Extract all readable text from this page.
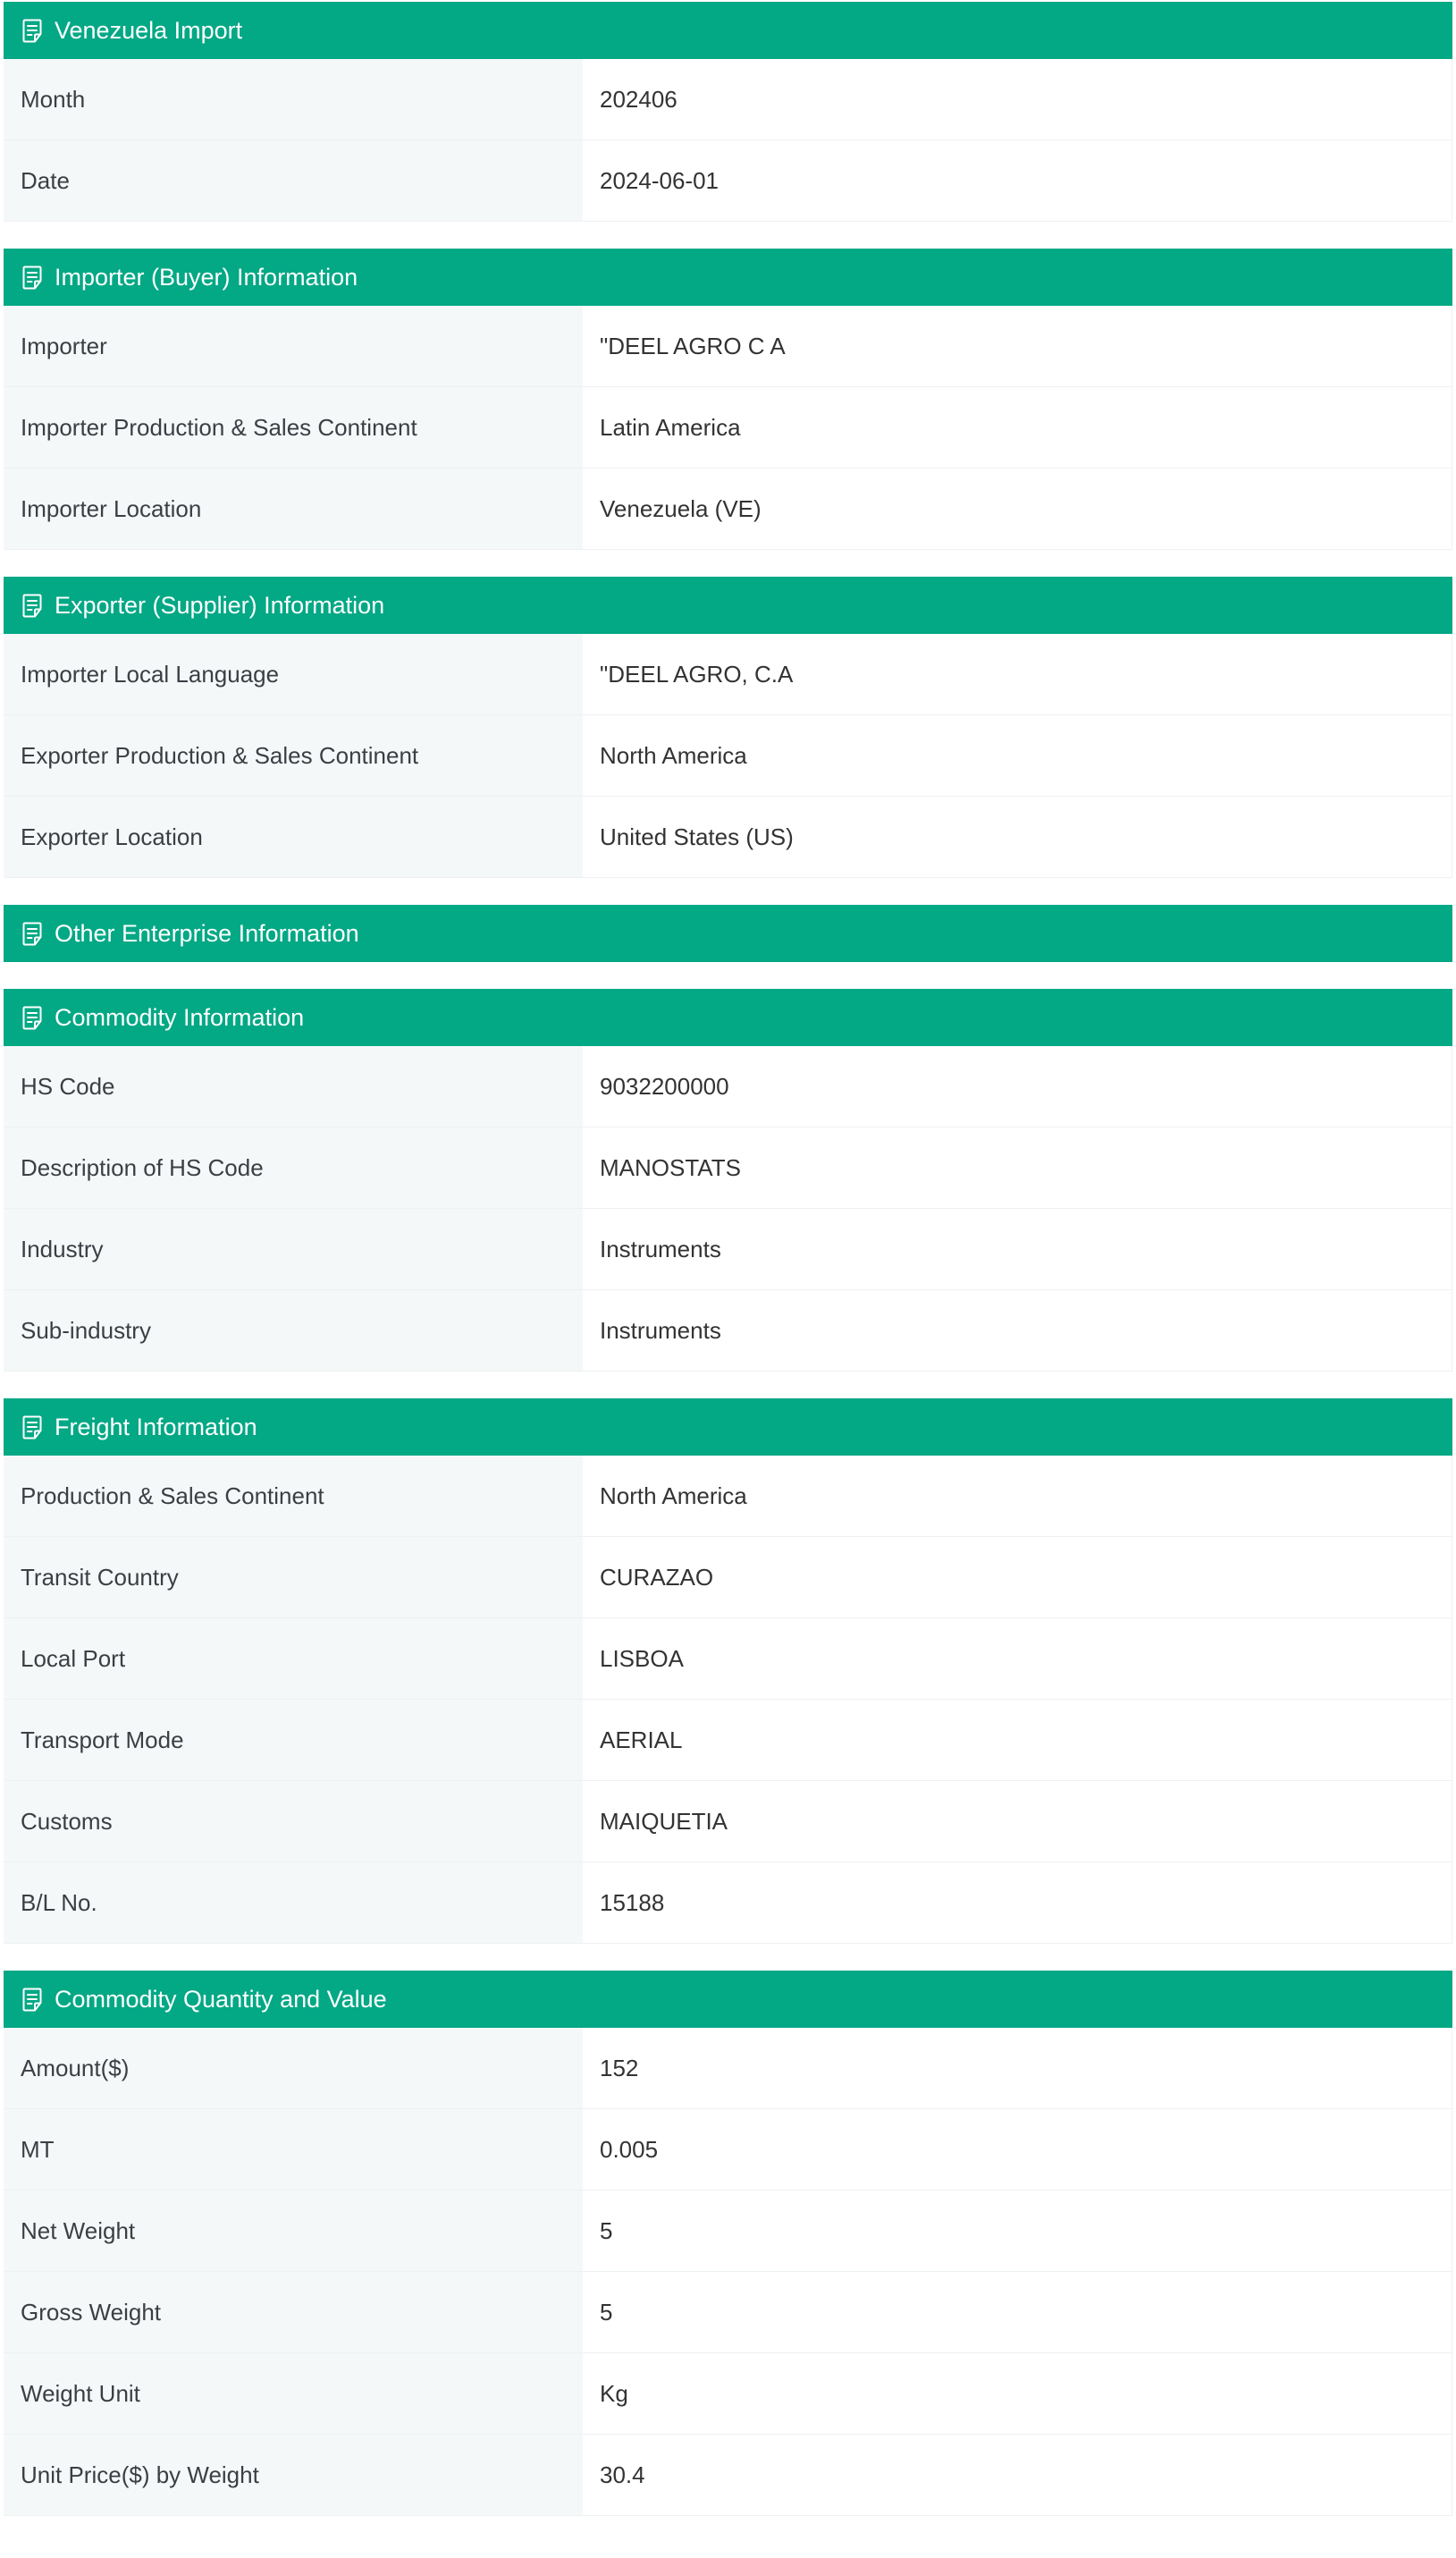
Venezuela Import
Month	202406
Date	2024-06-01
Importer (Buyer) Information
Importer	"DEEL AGRO C A
Importer Production & Sales Continent	Latin America
Importer Location	Venezuela (VE)
Exporter (Supplier) Information
Importer Local Language	"DEEL AGRO, C.A
Exporter Production & Sales Continent	North America
Exporter Location	United States (US)
Other Enterprise Information
Commodity Information
HS Code	9032200000
Description of HS Code	MANOSTATS
Industry	Instruments
Sub-industry	Instruments
Freight Information
Production & Sales Continent	North America
Transit Country	CURAZAO
Local Port	LISBOA
Transport Mode	AERIAL
Customs	MAIQUETIA
B/L No.	15188
Commodity Quantity and Value
Amount($)	152
MT	0.005
Net Weight	5
Gross Weight	5
Weight Unit	Kg
Unit Price($) by Weight	30.4
